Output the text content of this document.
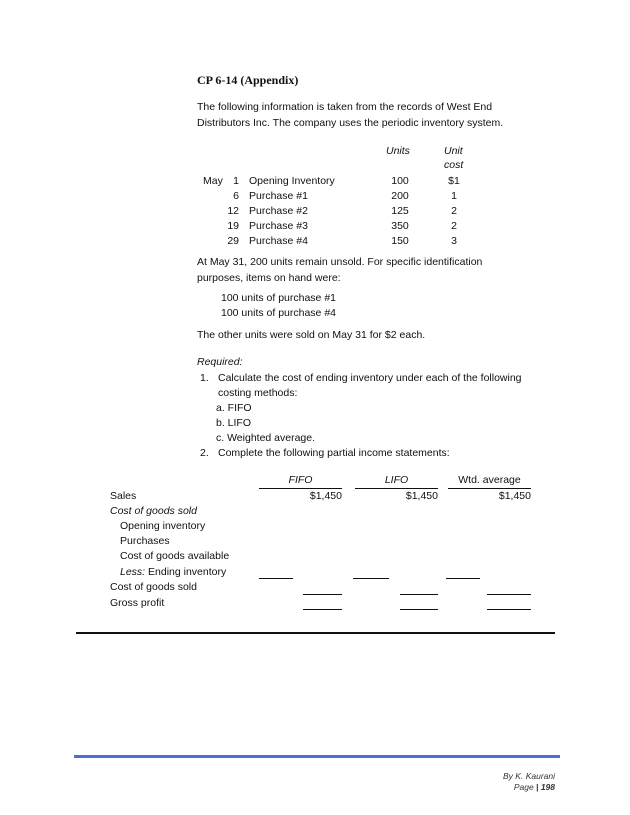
CP 6-14 (Appendix)
The following information is taken from the records of West End
Distributors Inc. The company uses the periodic inventory system.
Units	Unit
cost
May 1 Opening Inventory	100	$1
6 Purchase #1	200	1
12 Purchase #2	125	2
19 Purchase #3	350	2
29 Purchase #4	150	3
At May 31, 200 units remain unsold. For specific identification
purposes, items on hand were:
100 units of purchase #1
100 units of purchase #4
The other units were sold on May 31 for $2 each.
Required:
1. Calculate the cost of ending inventory under each of the following
costing methods:
a. FIFO
b. LIFO
c. Weighted average.
2. Complete the following partial income statements:
FIFO	LIFO	Wtd. average
Sales	$1,450	$1,450	$1,450
Cost of goods sold
Opening inventory
Purchases
Cost of goods available
Less: Ending inventory
Cost of goods sold
Gross profit
By K. Kaurani
Page | 198
